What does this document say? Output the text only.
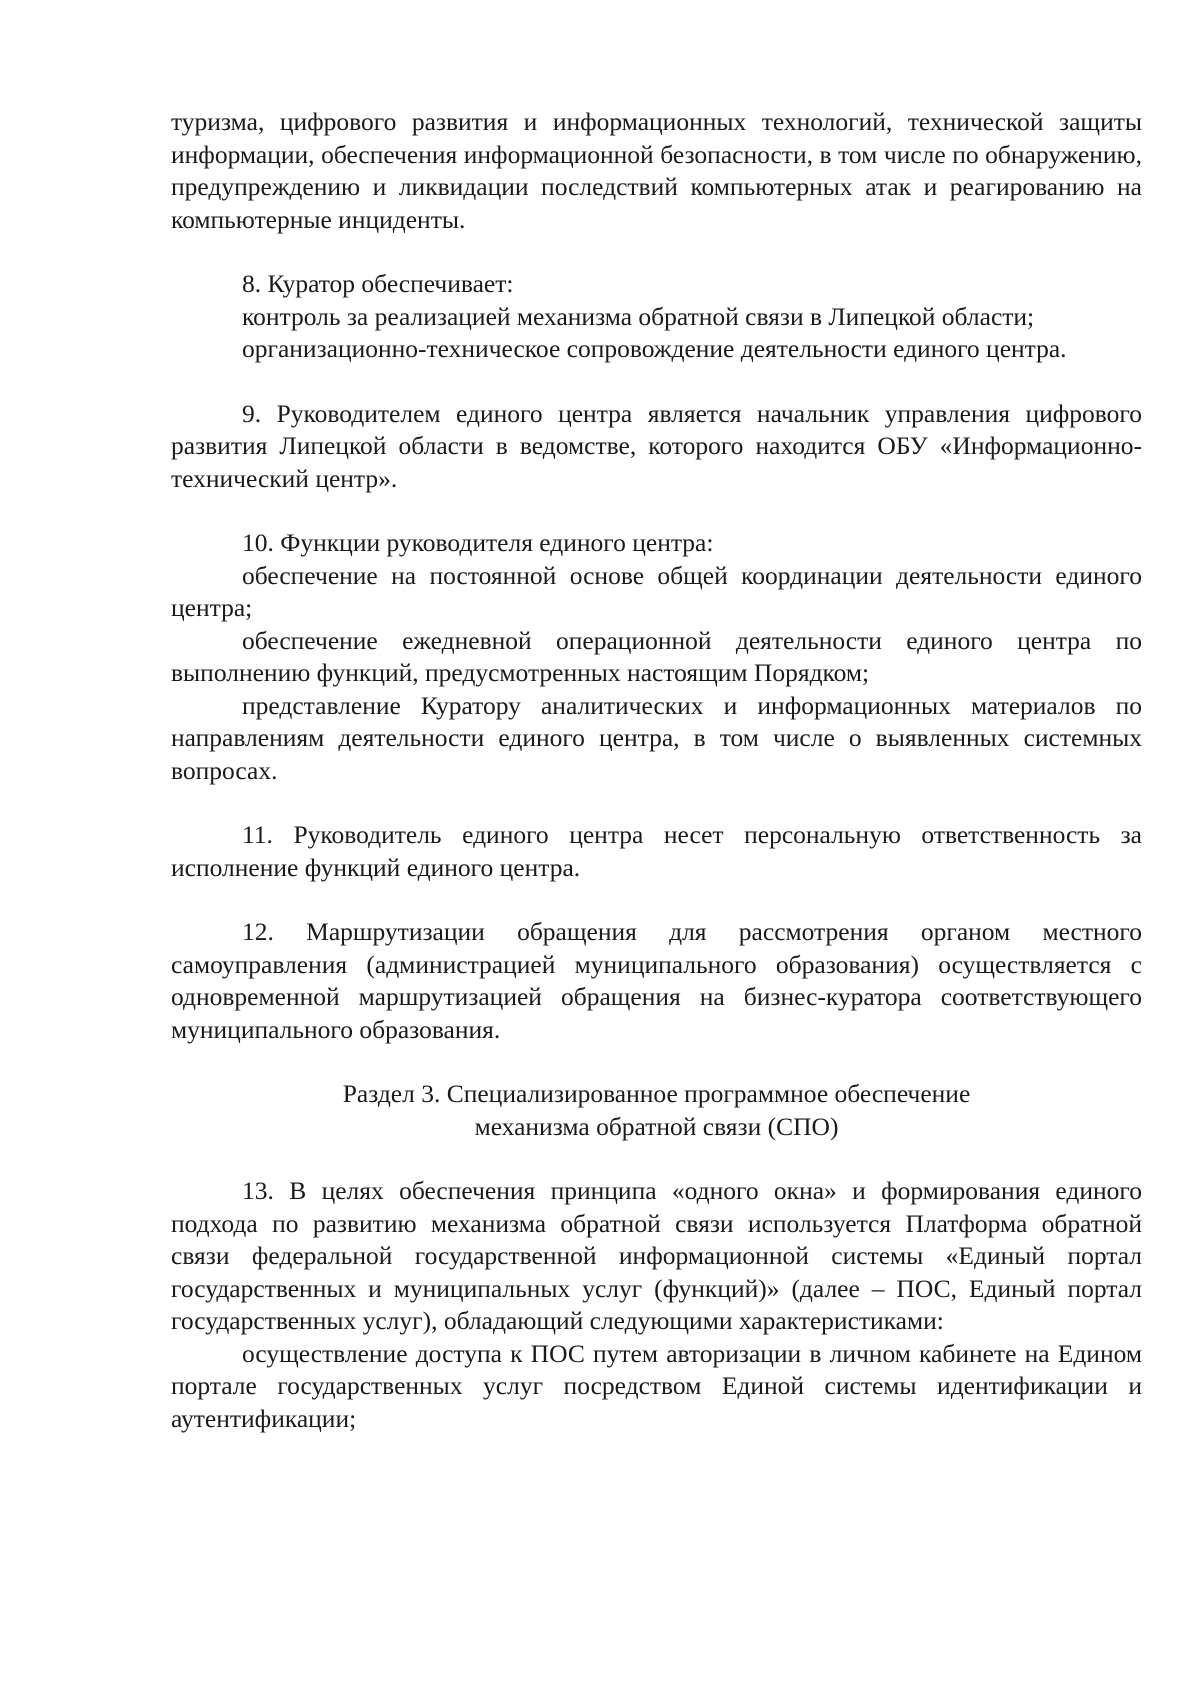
туризма, цифрового развития и информационных технологий, технической защиты информации, обеспечения информационной безопасности, в том числе по обнаружению, предупреждению и ликвидации последствий компьютерных атак и реагированию на компьютерные инциденты.

8. Куратор обеспечивает:

контроль за реализацией механизма обратной связи в Липецкой области;

организационно-техническое сопровождение деятельности единого центра.

9. Руководителем единого центра является начальник управления цифрового развития Липецкой области в ведомстве, которого находится ОБУ «Информационно-технический центр».

10. Функции руководителя единого центра:

обеспечение на постоянной основе общей координации деятельности единого центра;

обеспечение ежедневной операционной деятельности единого центра по выполнению функций, предусмотренных настоящим Порядком;

представление Куратору аналитических и информационных материалов по направлениям деятельности единого центра, в том числе о выявленных системных вопросах.

11. Руководитель единого центра несет персональную ответственность за исполнение функций единого центра.

12. Маршрутизации обращения для рассмотрения органом местного самоуправления (администрацией муниципального образования) осуществляется с одновременной маршрутизацией обращения на бизнес-куратора соответствующего муниципального образования.

Раздел 3. Специализированное программное обеспечение
механизма обратной связи (СПО)

13. В целях обеспечения принципа «одного окна» и формирования единого подхода по развитию механизма обратной связи используется Платформа обратной связи федеральной государственной информационной системы «Единый портал государственных и муниципальных услуг (функций)» (далее – ПОС, Единый портал государственных услуг), обладающий следующими характеристиками:

осуществление доступа к ПОС путем авторизации в личном кабинете на Едином портале государственных услуг посредством Единой системы идентификации и аутентификации;
